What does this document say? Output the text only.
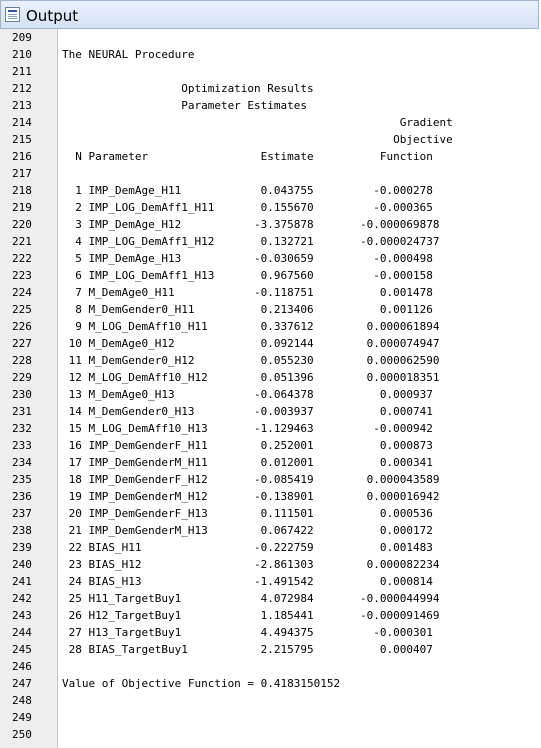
Output
209
210	The NEURAL Procedure
211
212	Optimization Results
213	Parameter Estimates
214	Gradient
215	Objective
216	N Parameter                 Estimate          Function
217
218	1 IMP_DemAge_H11            0.043755         -0.000278
219	2 IMP_LOG_DemAff1_H11       0.155670         -0.000365
220	3 IMP_DemAge_H12           -3.375878       -0.000069878
221	4 IMP_LOG_DemAff1_H12       0.132721       -0.000024737
222	5 IMP_DemAge_H13           -0.030659         -0.000498
223	6 IMP_LOG_DemAff1_H13       0.967560         -0.000158
224	7 M_DemAge0_H11            -0.118751          0.001478
225	8 M_DemGender0_H11          0.213406          0.001126
226	9 M_LOG_DemAff10_H11        0.337612        0.000061894
227	10 M_DemAge0_H12             0.092144        0.000074947
228	11 M_DemGender0_H12          0.055230        0.000062590
229	12 M_LOG_DemAff10_H12        0.051396        0.000018351
230	13 M_DemAge0_H13            -0.064378          0.000937
231	14 M_DemGender0_H13         -0.003937          0.000741
232	15 M_LOG_DemAff10_H13       -1.129463         -0.000942
233	16 IMP_DemGenderF_H11        0.252001          0.000873
234	17 IMP_DemGenderM_H11        0.012001          0.000341
235	18 IMP_DemGenderF_H12       -0.085419        0.000043589
236	19 IMP_DemGenderM_H12       -0.138901        0.000016942
237	20 IMP_DemGenderF_H13        0.111501          0.000536
238	21 IMP_DemGenderM_H13        0.067422          0.000172
239	22 BIAS_H11                 -0.222759          0.001483
240	23 BIAS_H12                 -2.861303        0.000082234
241	24 BIAS_H13                 -1.491542          0.000814
242	25 H11_TargetBuy1            4.072984       -0.000044994
243	26 H12_TargetBuy1            1.185441       -0.000091469
244	27 H13_TargetBuy1            4.494375         -0.000301
245	28 BIAS_TargetBuy1           2.215795          0.000407
246
247	Value of Objective Function = 0.4183150152
248
249
250
